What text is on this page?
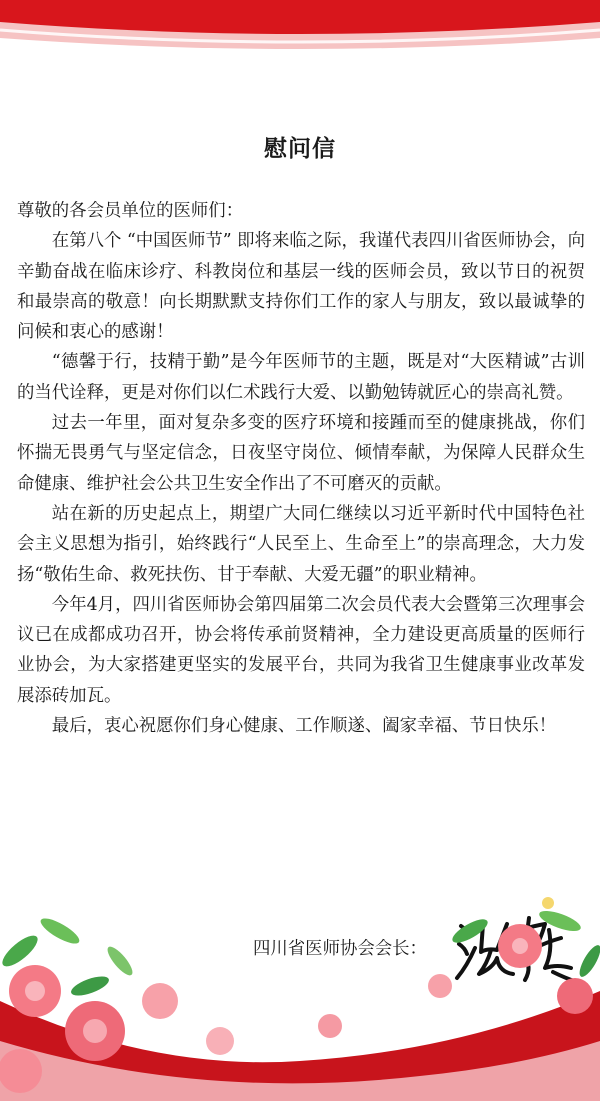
慰问信

尊敬的各会员单位的医师们：

在第八个 “中国医师节” 即将来临之际，我谨代表四川省医师协会，向辛勤奋战在临床诊疗、科教岗位和基层一线的医师会员，致以节日的祝贺和最崇高的敬意！向长期默默支持你们工作的家人与朋友，致以最诚挚的问候和衷心的感谢！

“德馨于行，技精于勤”是今年医师节的主题，既是对“大医精诚”古训的当代诠释，更是对你们以仁术践行大爱、以勤勉铸就匠心的崇高礼赞。

过去一年里，面对复杂多变的医疗环境和接踵而至的健康挑战，你们怀揣无畏勇气与坚定信念，日夜坚守岗位、倾情奉献，为保障人民群众生命健康、维护社会公共卫生安全作出了不可磨灭的贡献。

站在新的历史起点上，期望广大同仁继续以习近平新时代中国特色社会主义思想为指引，始终践行“人民至上、生命至上”的崇高理念，大力发扬“敬佑生命、救死扶伤、甘于奉献、大爱无疆”的职业精神。

今年4月，四川省医师协会第四届第二次会员代表大会暨第三次理事会议已在成都成功召开，协会将传承前贤精神，全力建设更高质量的医师行业协会，为大家搭建更坚实的发展平台，共同为我省卫生健康事业改革发展添砖加瓦。

最后，衷心祝愿你们身心健康、工作顺遂、阖家幸福、节日快乐！

四川省医师协会会长：
